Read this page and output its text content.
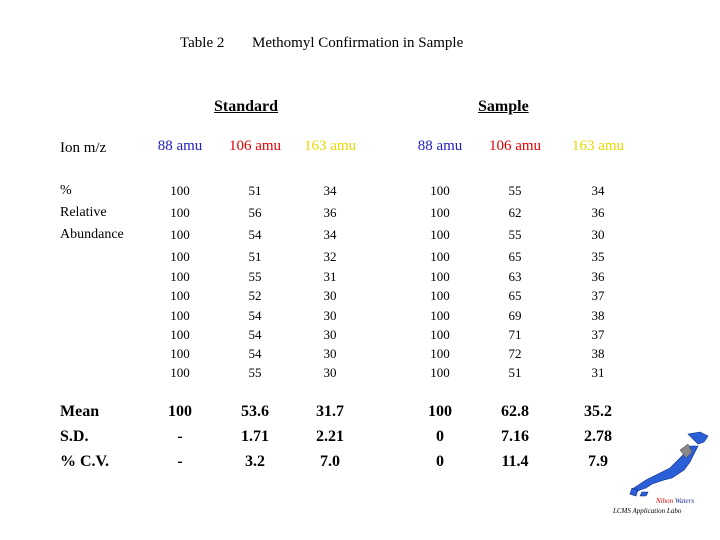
Table 2 Methomyl Confirmation in Sample
Standard	Sample
Ion m/z	88 amu	106 amu	163 amu	88 amu	106 amu	163 amu
%
Relative
Abundance
100	51	34	100	55	34
100	56	36	100	62	36
100	54	34	100	55	30
100	51	32	100	65	35
100	55	31	100	63	36
100	52	30	100	65	37
100	54	30	100	69	38
100	54	30	100	71	37
100	54	30	100	72	38
100	55	30	100	51	31
Mean	100	53.6	31.7	100	62.8	35.2
S.D.	-	1.71	2.21	0	7.16	2.78
% C.V.	-	3.2	7.0	0	11.4	7.9
Nihon Waters
LCMS Application Labo
